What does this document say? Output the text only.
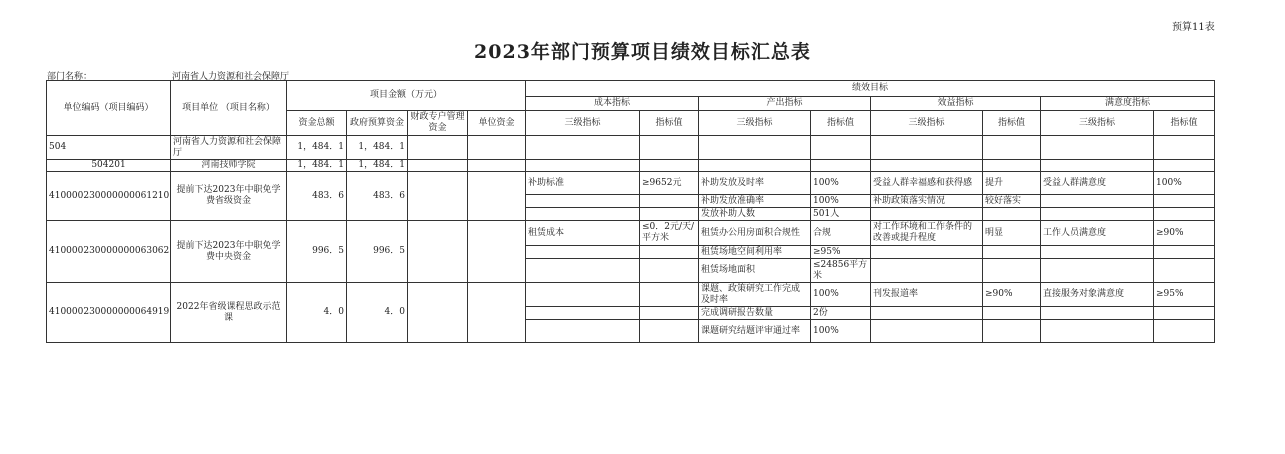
预算11表
2023年部门预算项目绩效目标汇总表
部门名称：	河南省人力资源和社会保障厅
单位编码（项目编码）	项目单位 （项目名称）	项目金额（万元）				绩效目标							
						成本指标		产出指标		效益指标		满意度指标	
		资金总额	政府预算资金	财政专户管理资金	单位资金	三级指标	指标值	三级指标	指标值	三级指标	指标值	三级指标	指标值
504	河南省人力资源和社会保障厅	1，484．1	1，484．1										
504201	河南技师学院	1，484．1	1，484．1										
410000230000000061210	提前下达2023年中职免学费省级资金	483．6	483．6			补助标准	≥9652元	补助发放及时率	100%	受益人群幸福感和获得感	提升	受益人群满意度	100%
								补助发放准确率	100%	补助政策落实情况	较好落实		
								发放补助人数	501人				
410000230000000063062	提前下达2023年中职免学费中央资金	996．5	996．5			租赁成本	≤0．2元/天/平方米	租赁办公用房面积合规性	合规	对工作环境和工作条件的改善或提升程度	明显	工作人员满意度	≥90%
								租赁场地空间利用率	≥95%				
								租赁场地面积	≤24856平方米				
410000230000000064919	2022年省级课程思政示范课	4．0	4．0					课题、政策研究工作完成及时率	100%	刊发报道率	≥90%	直接服务对象满意度	≥95%
								完成调研报告数量	2份				
								课题研究结题评审通过率	100%				
